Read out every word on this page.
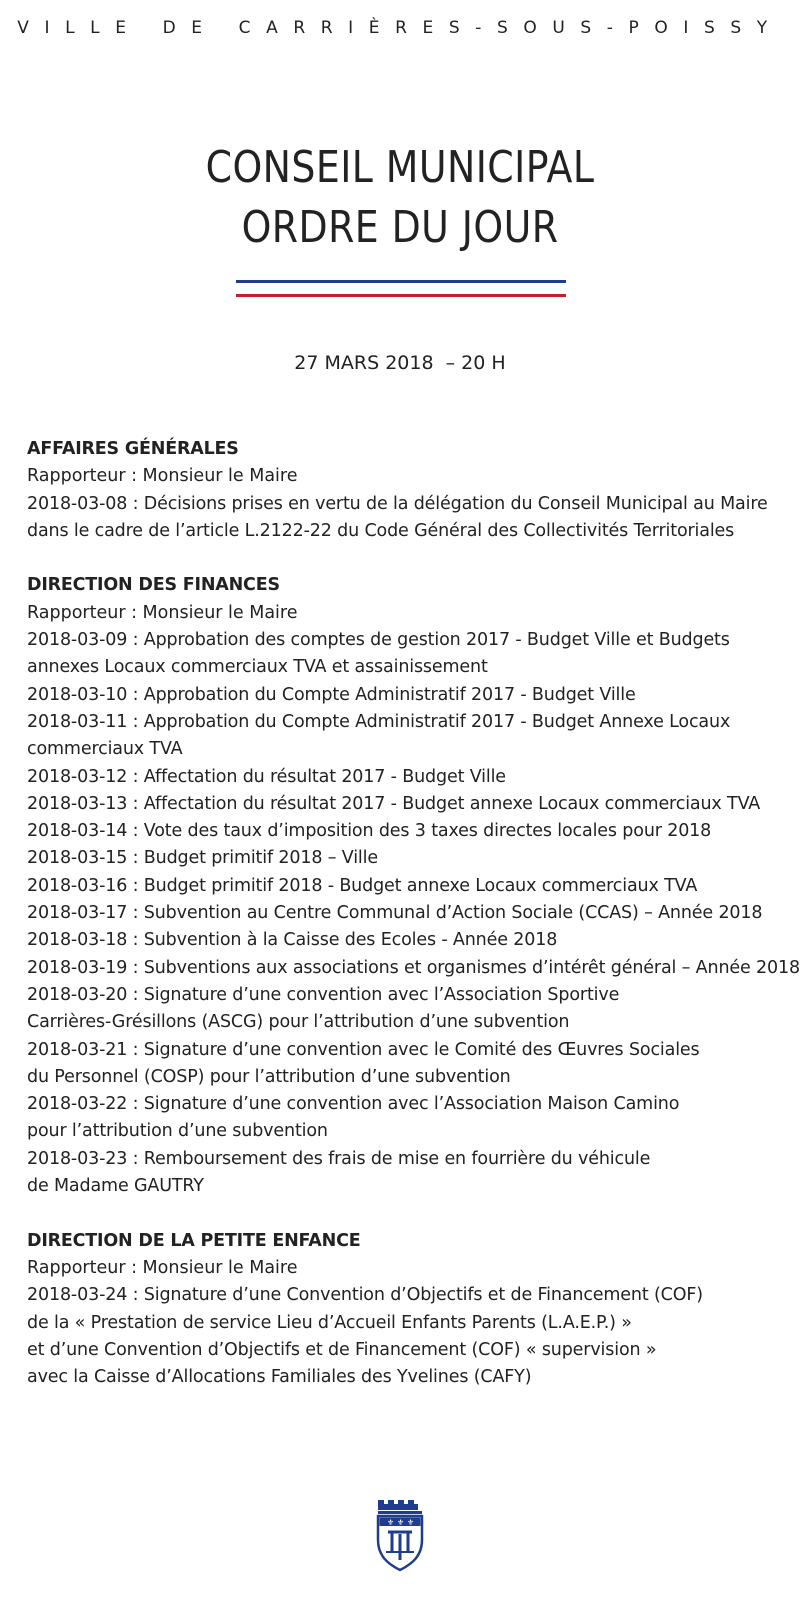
VILLE DE CARRIÈRES-SOUS-POISSY
CONSEIL MUNICIPAL
ORDRE DU JOUR
27 MARS 2018  – 20 H
AFFAIRES GÉNÉRALES
Rapporteur : Monsieur le Maire
2018-03-08 : Décisions prises en vertu de la délégation du Conseil Municipal au Maire
dans le cadre de l’article L.2122-22 du Code Général des Collectivités Territoriales
DIRECTION DES FINANCES
Rapporteur : Monsieur le Maire
2018-03-09 : Approbation des comptes de gestion 2017 - Budget Ville et Budgets
annexes Locaux commerciaux TVA et assainissement
2018-03-10 : Approbation du Compte Administratif 2017 - Budget Ville
2018-03-11 : Approbation du Compte Administratif 2017 - Budget Annexe Locaux
commerciaux TVA
2018-03-12 : Affectation du résultat 2017 - Budget Ville
2018-03-13 : Affectation du résultat 2017 - Budget annexe Locaux commerciaux TVA
2018-03-14 : Vote des taux d’imposition des 3 taxes directes locales pour 2018
2018-03-15 : Budget primitif 2018 – Ville
2018-03-16 : Budget primitif 2018 - Budget annexe Locaux commerciaux TVA
2018-03-17 : Subvention au Centre Communal d’Action Sociale (CCAS) – Année 2018
2018-03-18 : Subvention à la Caisse des Ecoles - Année 2018
2018-03-19 : Subventions aux associations et organismes d’intérêt général – Année 2018
2018-03-20 : Signature d’une convention avec l’Association Sportive
Carrières-Grésillons (ASCG) pour l’attribution d’une subvention
2018-03-21 : Signature d’une convention avec le Comité des Œuvres Sociales
du Personnel (COSP) pour l’attribution d’une subvention
2018-03-22 : Signature d’une convention avec l’Association Maison Camino
pour l’attribution d’une subvention
2018-03-23 : Remboursement des frais de mise en fourrière du véhicule
de Madame GAUTRY
DIRECTION DE LA PETITE ENFANCE
Rapporteur : Monsieur le Maire
2018-03-24 : Signature d’une Convention d’Objectifs et de Financement (COF)
de la « Prestation de service Lieu d’Accueil Enfants Parents (L.A.E.P.) »
et d’une Convention d’Objectifs et de Financement (COF) « supervision »
avec la Caisse d’Allocations Familiales des Yvelines (CAFY)
⚜ ⚜ ⚜
